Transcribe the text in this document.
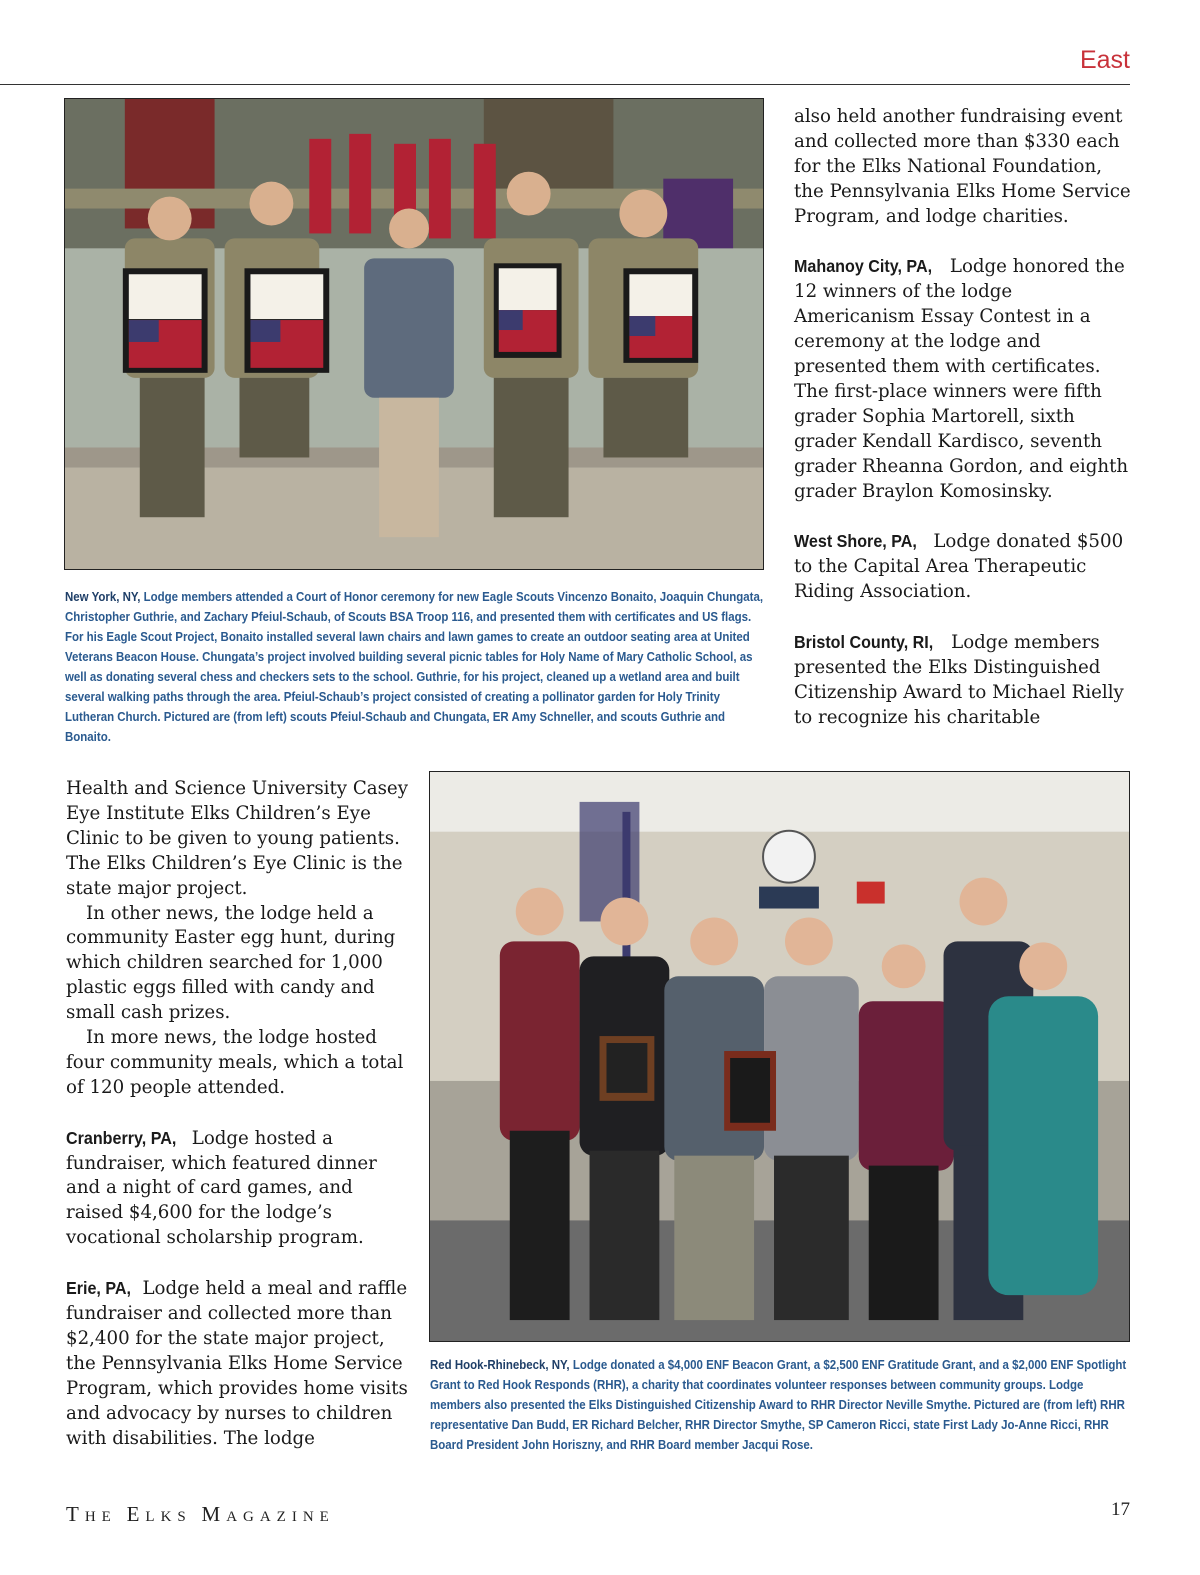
East
New York, NY, Lodge members attended a Court of Honor ceremony for new Eagle Scouts Vincenzo Bonaito, Joaquin Chungata, Christopher Guthrie, and Zachary Pfeiul-Schaub, of Scouts BSA Troop 116, and presented them with certificates and US flags. For his Eagle Scout Project, Bonaito installed several lawn chairs and lawn games to create an outdoor seating area at United Veterans Beacon House. Chungata’s project involved building several picnic tables for Holy Name of Mary Catholic School, as well as donating several chess and checkers sets to the school. Guthrie, for his project, cleaned up a wetland area and built several walking paths through the area. Pfeiul-Schaub’s project consisted of creating a pollinator garden for Holy Trinity Lutheran Church. Pictured are (from left) scouts Pfeiul-Schaub and Chungata, ER Amy Schneller, and scouts Guthrie and Bonaito.

also held another fundraising event and collected more than $330 each for the Elks National Foundation, the Pennsylvania Elks Home Service Program, and lodge charities.

Mahanoy City, PA, Lodge honored the 12 winners of the lodge Americanism Essay Contest in a ceremony at the lodge and presented them with certificates. The first-place winners were fifth grader Sophia Martorell, sixth grader Kendall Kardisco, seventh grader Rheanna Gordon, and eighth grader Braylon Komosinsky.

West Shore, PA, Lodge donated $500 to the Capital Area Therapeutic Riding Association.

Bristol County, RI, Lodge members presented the Elks Distinguished Citizenship Award to Michael Rielly to recognize his charitable

Health and Science University Casey Eye Institute Elks Children’s Eye Clinic to be given to young patients. The Elks Children’s Eye Clinic is the state major project.

In other news, the lodge held a community Easter egg hunt, during which children searched for 1,000 plastic eggs filled with candy and small cash prizes.

In more news, the lodge hosted four community meals, which a total of 120 people attended.

Cranberry, PA, Lodge hosted a fundraiser, which featured dinner and a night of card games, and raised $4,600 for the lodge’s vocational scholarship program.

Erie, PA, Lodge held a meal and raffle fundraiser and collected more than $2,400 for the state major project, the Pennsylvania Elks Home Service Program, which provides home visits and advocacy by nurses to children with disabilities. The lodge

Red Hook-Rhinebeck, NY, Lodge donated a $4,000 ENF Beacon Grant, a $2,500 ENF Gratitude Grant, and a $2,000 ENF Spotlight Grant to Red Hook Responds (RHR), a charity that coordinates volunteer responses between community groups. Lodge members also presented the Elks Distinguished Citizenship Award to RHR Director Neville Smythe. Pictured are (from left) RHR representative Dan Budd, ER Richard Belcher, RHR Director Smythe, SP Cameron Ricci, state First Lady Jo-Anne Ricci, RHR Board President John Horiszny, and RHR Board member Jacqui Rose.
THE ELKS MAGAZINE	17
